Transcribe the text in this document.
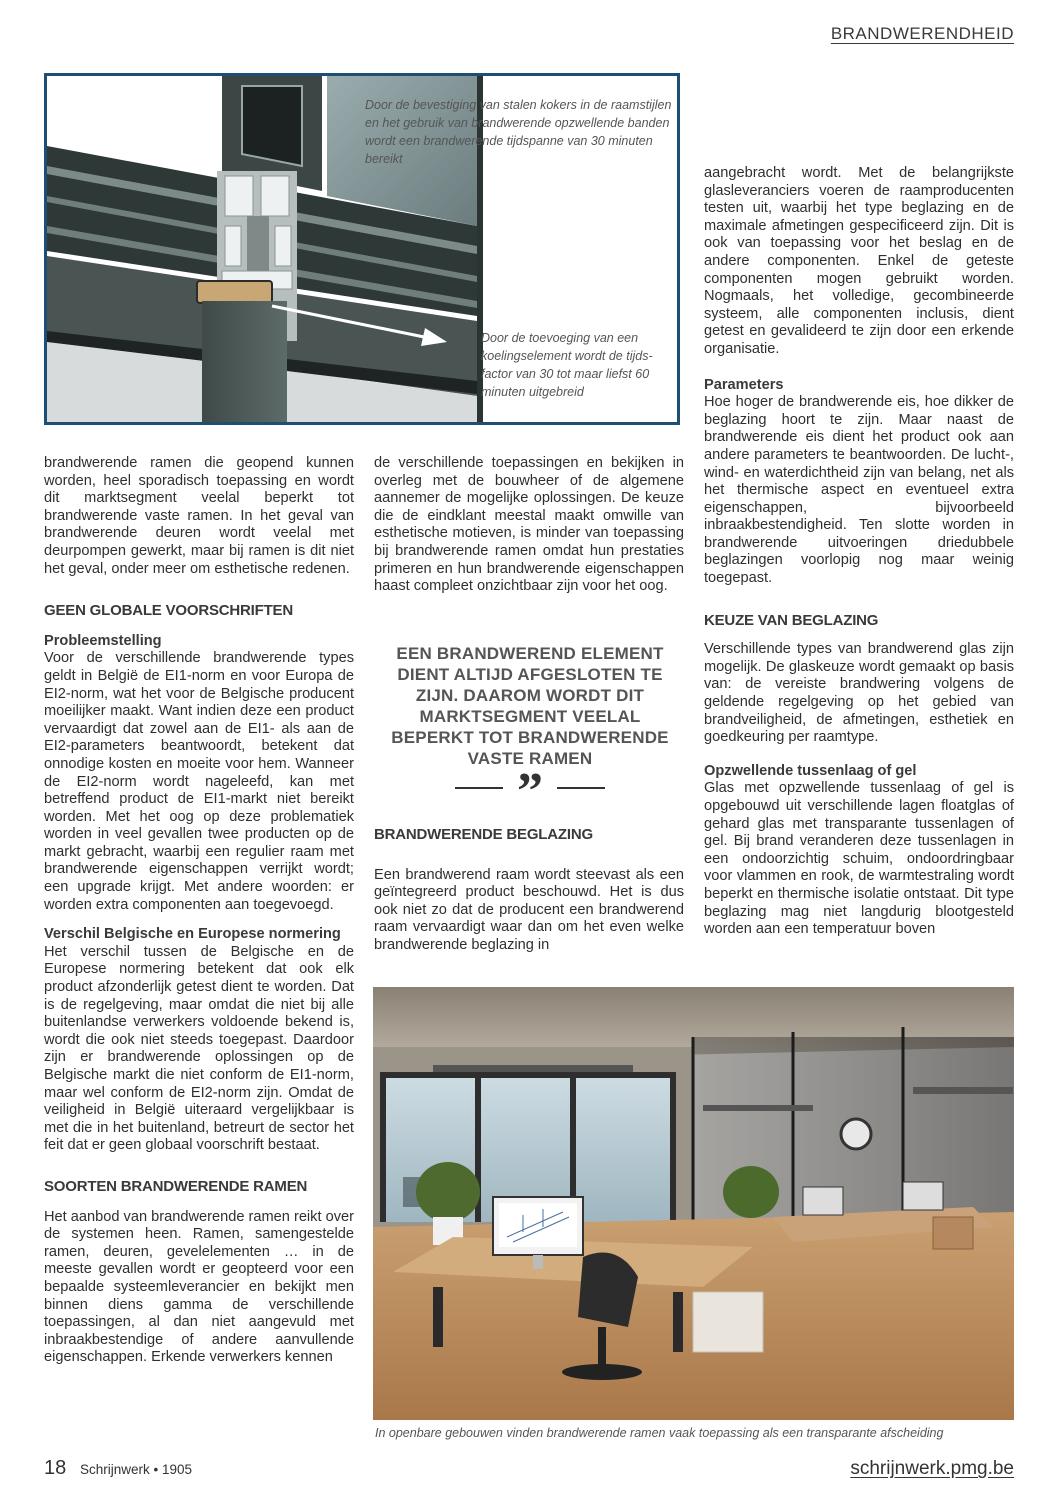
BRANDWERENDHEID
Door de bevestiging van stalen kokers in de raamstijlen en het gebruik van brandwerende opzwellende banden wordt een brandwerende tijdspanne van 30 minuten bereikt
Door de toevoeging van een koelingselement wordt de tijds-factor van 30 tot maar liefst 60 minuten uitgebreid

brandwerende ramen die geopend kunnen worden, heel sporadisch toepassing en wordt dit marktsegment veelal beperkt tot brandwerende vaste ramen. In het geval van brandwerende deuren wordt veelal met deurpompen gewerkt, maar bij ramen is dit niet het geval, onder meer om esthetische redenen.

GEEN GLOBALE VOORSCHRIFTEN

Probleemstelling

Voor de verschillende brandwerende types geldt in België de EI1-norm en voor Europa de EI2-norm, wat het voor de Belgische producent moeilijker maakt. Want indien deze een product vervaardigt dat zowel aan de EI1- als aan de EI2-parameters beantwoordt, betekent dat onnodige kosten en moeite voor hem. Wanneer de EI2-norm wordt nageleefd, kan met betreffend product de EI1-markt niet bereikt worden. Met het oog op deze problematiek worden in veel gevallen twee producten op de markt gebracht, waarbij een regulier raam met brandwerende eigenschappen verrijkt wordt; een upgrade krijgt. Met andere woorden: er worden extra componenten aan toegevoegd.

Verschil Belgische en Europese normering

Het verschil tussen de Belgische en de Europese normering betekent dat ook elk product afzonderlijk getest dient te worden. Dat is de regelgeving, maar omdat die niet bij alle buitenlandse verwerkers voldoende bekend is, wordt die ook niet steeds toegepast. Daardoor zijn er brandwerende oplossingen op de Belgische markt die niet conform de EI1-norm, maar wel conform de EI2-norm zijn. Omdat de veiligheid in België uiteraard vergelijkbaar is met die in het buitenland, betreurt de sector het feit dat er geen globaal voorschrift bestaat.

SOORTEN BRANDWERENDE RAMEN

Het aanbod van brandwerende ramen reikt over de systemen heen. Ramen, samengestelde ramen, deuren, gevelelementen … in de meeste gevallen wordt er geopteerd voor een bepaalde systeemleverancier en bekijkt men binnen diens gamma de verschillende toepassingen, al dan niet aangevuld met inbraakbestendige of andere aanvullende eigenschappen. Erkende verwerkers kennen

de verschillende toepassingen en bekijken in overleg met de bouwheer of de algemene aannemer de mogelijke oplossingen. De keuze die de eindklant meestal maakt omwille van esthetische motieven, is minder van toepassing bij brandwerende ramen omdat hun prestaties primeren en hun brandwerende eigenschappen haast compleet onzichtbaar zijn voor het oog.

EEN BRANDWEREND ELEMENT DIENT ALTIJD AFGESLOTEN TE ZIJN. DAAROM WORDT DIT MARKTSEGMENT VEELAL BEPERKT TOT BRANDWERENDE VASTE RAMEN
”

BRANDWERENDE BEGLAZING

Een brandwerend raam wordt steevast als een geïntegreerd product beschouwd. Het is dus ook niet zo dat de producent een brandwerend raam vervaardigt waar dan om het even welke brandwerende beglazing in

aangebracht wordt. Met de belangrijkste glasleveranciers voeren de raamproducenten testen uit, waarbij het type beglazing en de maximale afmetingen gespecificeerd zijn. Dit is ook van toepassing voor het beslag en de andere componenten. Enkel de geteste componenten mogen gebruikt worden. Nogmaals, het volledige, gecombineerde systeem, alle componenten inclusis, dient getest en gevalideerd te zijn door een erkende organisatie.

Parameters

Hoe hoger de brandwerende eis, hoe dikker de beglazing hoort te zijn. Maar naast de brandwerende eis dient het product ook aan andere parameters te beantwoorden. De lucht-, wind- en waterdichtheid zijn van belang, net als het thermische aspect en eventueel extra eigenschappen, bijvoorbeeld inbraakbestendigheid. Ten slotte worden in brandwerende uitvoeringen driedubbele beglazingen voorlopig nog maar weinig toegepast.

KEUZE VAN BEGLAZING

Verschillende types van brandwerend glas zijn mogelijk. De glaskeuze wordt gemaakt op basis van: de vereiste brandwering volgens de geldende regelgeving op het gebied van brandveiligheid, de afmetingen, esthetiek en goedkeuring per raamtype.

Opzwellende tussenlaag of gel

Glas met opzwellende tussenlaag of gel is opgebouwd uit verschillende lagen floatglas of gehard glas met transparante tussenlagen of gel. Bij brand veranderen deze tussenlagen in een ondoorzichtig schuim, ondoordringbaar voor vlammen en rook, de warmtestraling wordt beperkt en thermische isolatie ontstaat. Dit type beglazing mag niet langdurig blootgesteld worden aan een temperatuur boven

In openbare gebouwen vinden brandwerende ramen vaak toepassing als een transparante afscheiding
18 Schrijnwerk • 1905	schrijnwerk.pmg.be
